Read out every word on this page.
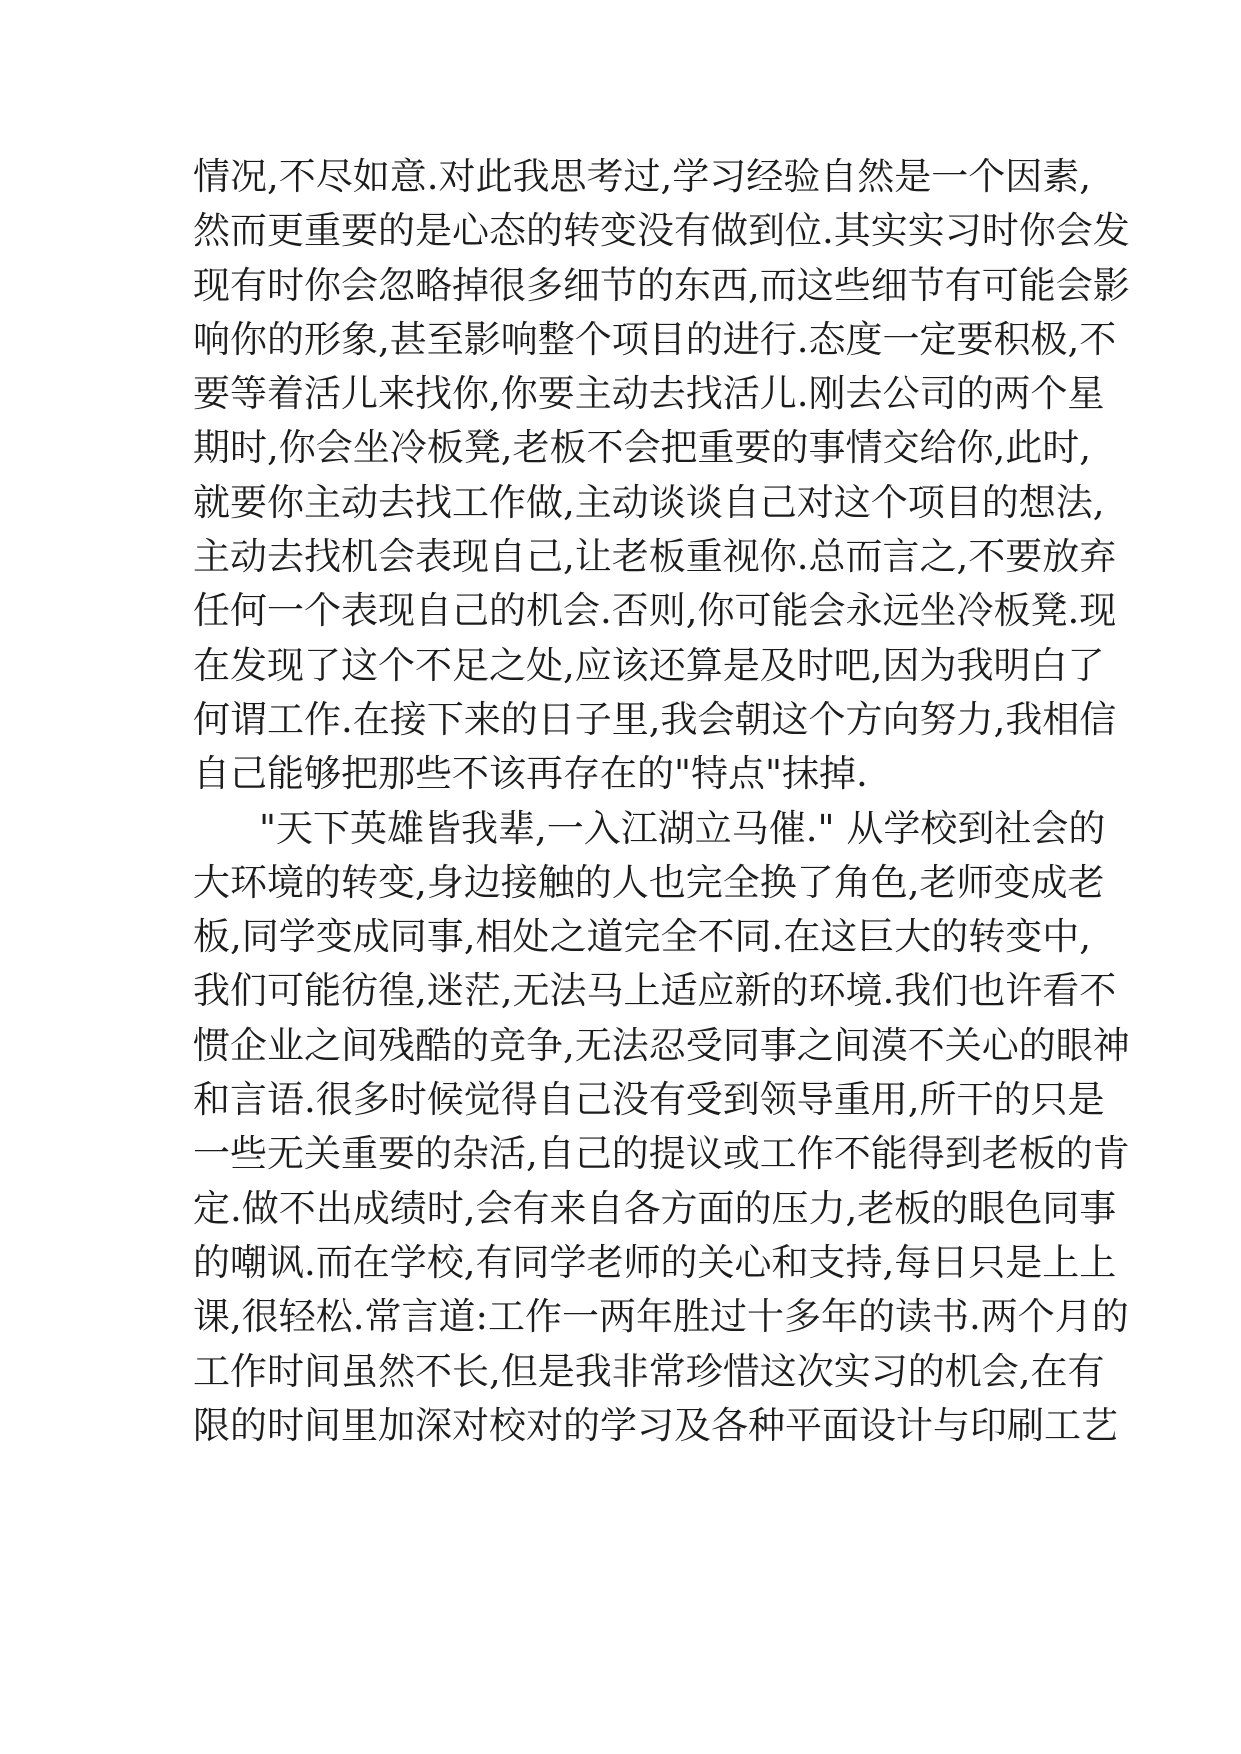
情况,不尽如意.对此我思考过,学习经验自然是一个因素,
然而更重要的是心态的转变没有做到位.其实实习时你会发
现有时你会忽略掉很多细节的东西,而这些细节有可能会影
响你的形象,甚至影响整个项目的进行.态度一定要积极,不
要等着活儿来找你,你要主动去找活儿.刚去公司的两个星
期时,你会坐冷板凳,老板不会把重要的事情交给你,此时,
就要你主动去找工作做,主动谈谈自己对这个项目的想法,
主动去找机会表现自己,让老板重视你.总而言之,不要放弃
任何一个表现自己的机会.否则,你可能会永远坐冷板凳.现
在发现了这个不足之处,应该还算是及时吧,因为我明白了
何谓工作.在接下来的日子里,我会朝这个方向努力,我相信
自己能够把那些不该再存在的"特点"抹掉.
"天下英雄皆我辈,一入江湖立马催." 从学校到社会的
大环境的转变,身边接触的人也完全换了角色,老师变成老
板,同学变成同事,相处之道完全不同.在这巨大的转变中,
我们可能彷徨,迷茫,无法马上适应新的环境.我们也许看不
惯企业之间残酷的竞争,无法忍受同事之间漠不关心的眼神
和言语.很多时候觉得自己没有受到领导重用,所干的只是
一些无关重要的杂活,自己的提议或工作不能得到老板的肯
定.做不出成绩时,会有来自各方面的压力,老板的眼色同事
的嘲讽.而在学校,有同学老师的关心和支持,每日只是上上
课,很轻松.常言道:工作一两年胜过十多年的读书.两个月的
工作时间虽然不长,但是我非常珍惜这次实习的机会,在有
限的时间里加深对校对的学习及各种平面设计与印刷工艺
